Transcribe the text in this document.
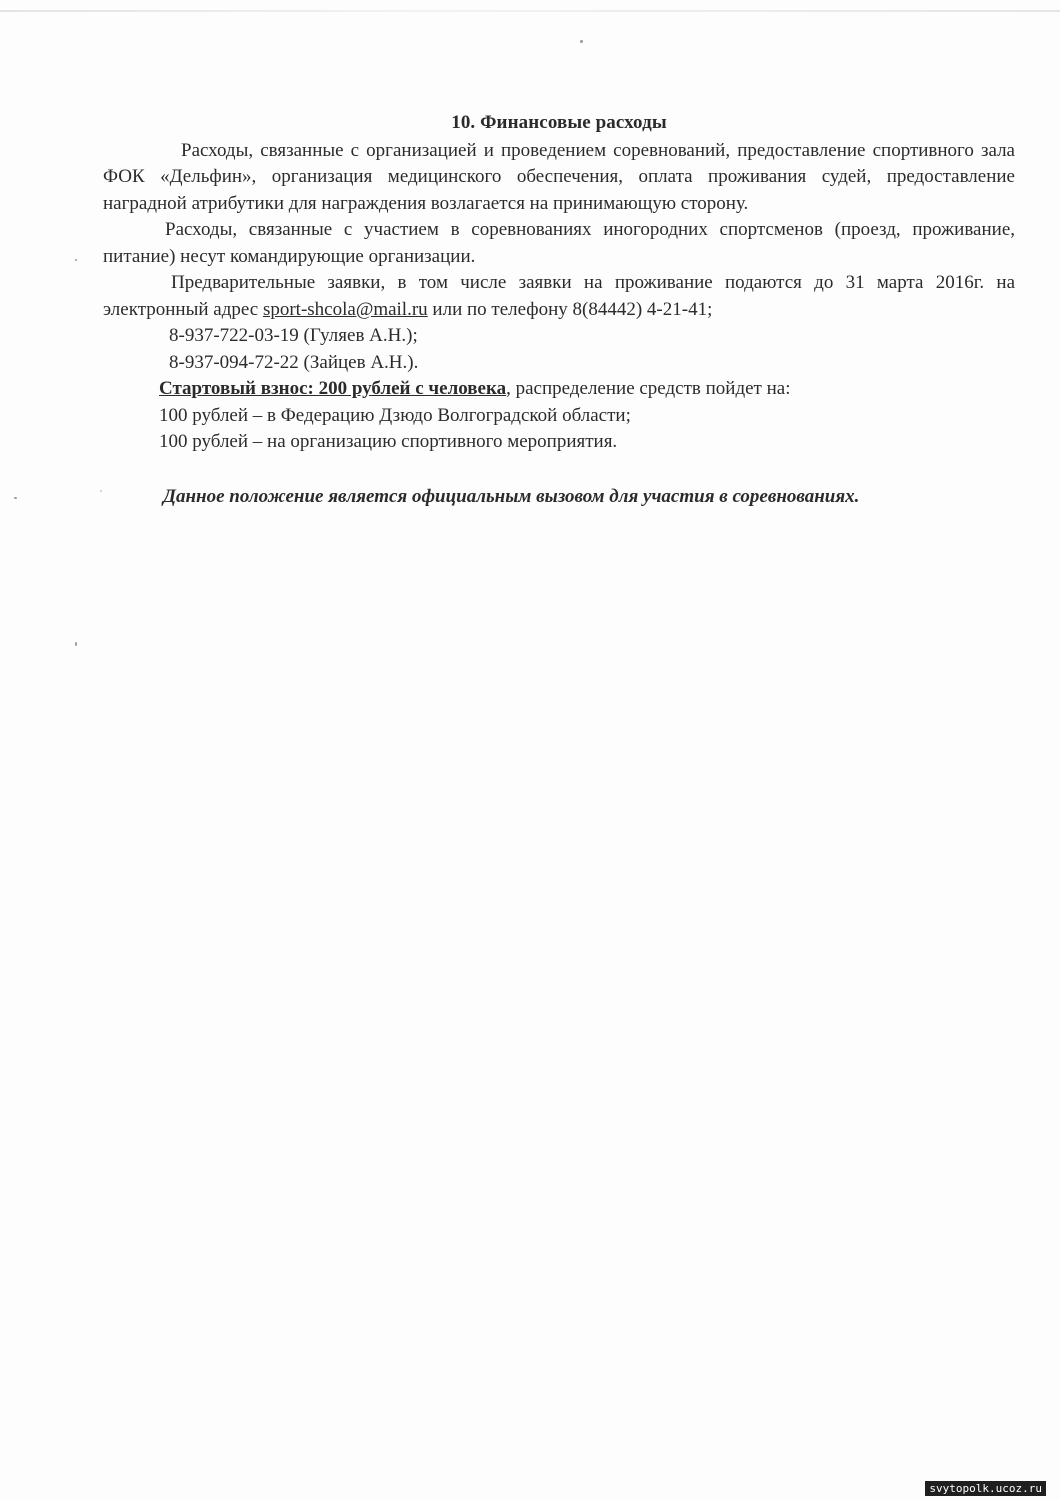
10. Финансовые расходы

Расходы, связанные с организацией и проведением соревнований, предоставление спортивного зала ФОК «Дельфин», организация медицинского обеспечения, оплата проживания судей, предоставление наградной атрибутики для награждения возлагается на принимающую сторону.

Расходы, связанные с участием в соревнованиях иногородних спортсменов (проезд, проживание, питание) несут командирующие организации.

Предварительные заявки, в том числе заявки на проживание подаются до 31 марта 2016г. на электронный адрес sport-shcola@mail.ru или по телефону 8(84442) 4-21-41;

8-937-722-03-19 (Гуляев А.Н.);

8-937-094-72-22 (Зайцев А.Н.).

Стартовый взнос: 200 рублей с человека, распределение средств пойдет на:

100 рублей – в Федерацию Дзюдо Волгоградской области;

100 рублей – на организацию спортивного мероприятия.

Данное положение является официальным вызовом для участия в соревнованиях.

svytopolk.ucoz.ru
